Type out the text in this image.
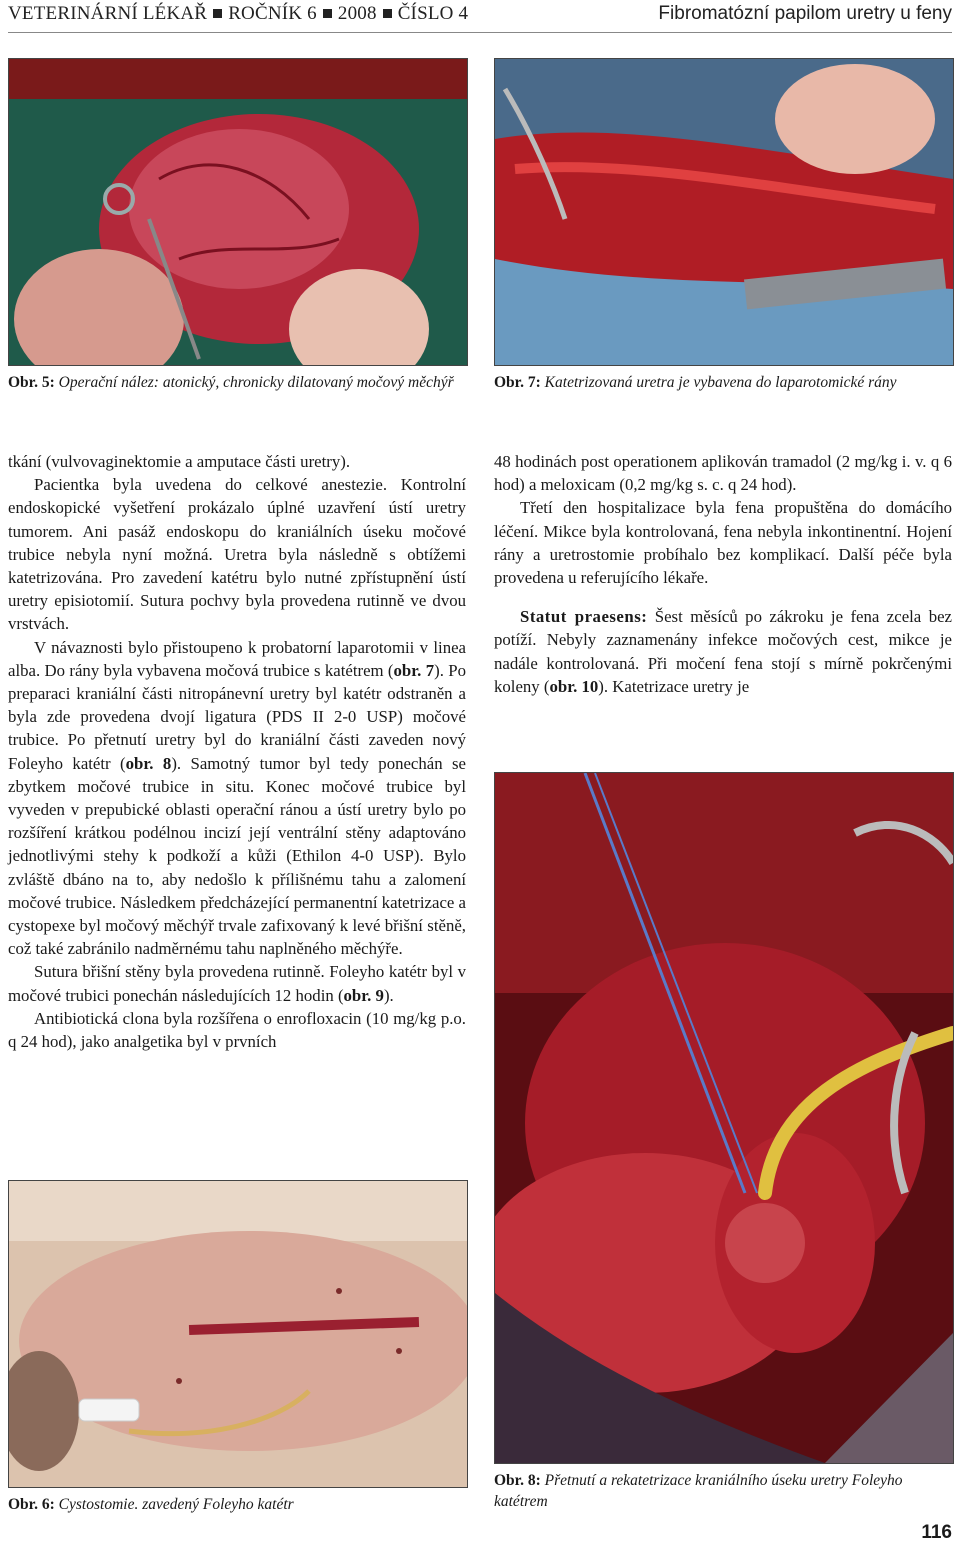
VETERINÁRNÍ LÉKAŘ ROČNÍK 6 2008 ČÍSLO 4	Fibromatózní papilom uretry u feny
Obr. 5: Operační nález: atonický, chronicky dilatovaný močový měchýř	Obr. 7: Katetrizovaná uretra je vybavena do laparotomické rány

tkání (vulvovaginektomie a amputace části uretry).

Pacientka byla uvedena do celkové anestezie. Kontrolní endoskopické vyšetření prokázalo úplné uzavření ústí uretry tumorem. Ani pasáž endoskopu do kraniálních úseku močové trubice nebyla nyní možná. Uretra byla následně s obtížemi katetrizována. Pro zavedení katétru bylo nutné zpřístupnění ústí uretry episiotomií. Sutura pochvy byla provedena rutinně ve dvou vrstvách.

V návaznosti bylo přistoupeno k probatorní laparotomii v linea alba. Do rány byla vybavena močová trubice s katétrem (obr. 7). Po preparaci kraniální části nitropánevní uretry byl katétr odstraněn a byla zde provedena dvojí ligatura (PDS II 2-0 USP) močové trubice. Po přetnutí uretry byl do kraniální části zaveden nový Foleyho katétr (obr. 8). Samotný tumor byl tedy ponechán se zbytkem močové trubice in situ. Konec močové trubice byl vyveden v prepubické oblasti operační ránou a ústí uretry bylo po rozšíření krátkou podélnou incizí její ventrální stěny adaptováno jednotlivými stehy k podkoží a kůži (Ethilon 4-0 USP). Bylo zvláště dbáno na to, aby nedošlo k přílišnému tahu a zalomení močové trubice. Následkem předcházející permanentní katetrizace a cystopexe byl močový měchýř trvale zafixovaný k levé břišní stěně, což také zabránilo nadměrnému tahu naplněného měchýře.

Sutura břišní stěny byla provedena rutinně. Foleyho katétr byl v močové trubici ponechán následujících 12 hodin (obr. 9).

Antibiotická clona byla rozšířena o enrofloxacin (10 mg/kg p.o. q 24 hod), jako analgetika byl v prvních

48 hodinách post operationem aplikován tramadol (2 mg/kg i. v. q 6 hod) a meloxicam (0,2 mg/kg s. c. q 24 hod).

Třetí den hospitalizace byla fena propuštěna do domácího léčení. Mikce byla kontrolovaná, fena nebyla inkontinentní. Hojení rány a uretrostomie probíhalo bez komplikací. Další péče byla provedena u referujícího lékaře.

Statut praesens: Šest měsíců po zákroku je fena zcela bez potíží. Nebyly zaznamenány infekce močových cest, mikce je nadále kontrolovaná. Při močení fena stojí s mírně pokrčenými koleny (obr. 10). Katetrizace uretry je

Obr. 8: Přetnutí a rekatetrizace kraniálního úseku uretry Foleyho katétrem
Obr. 6: Cystostomie. zavedený Foleyho katétr
116
